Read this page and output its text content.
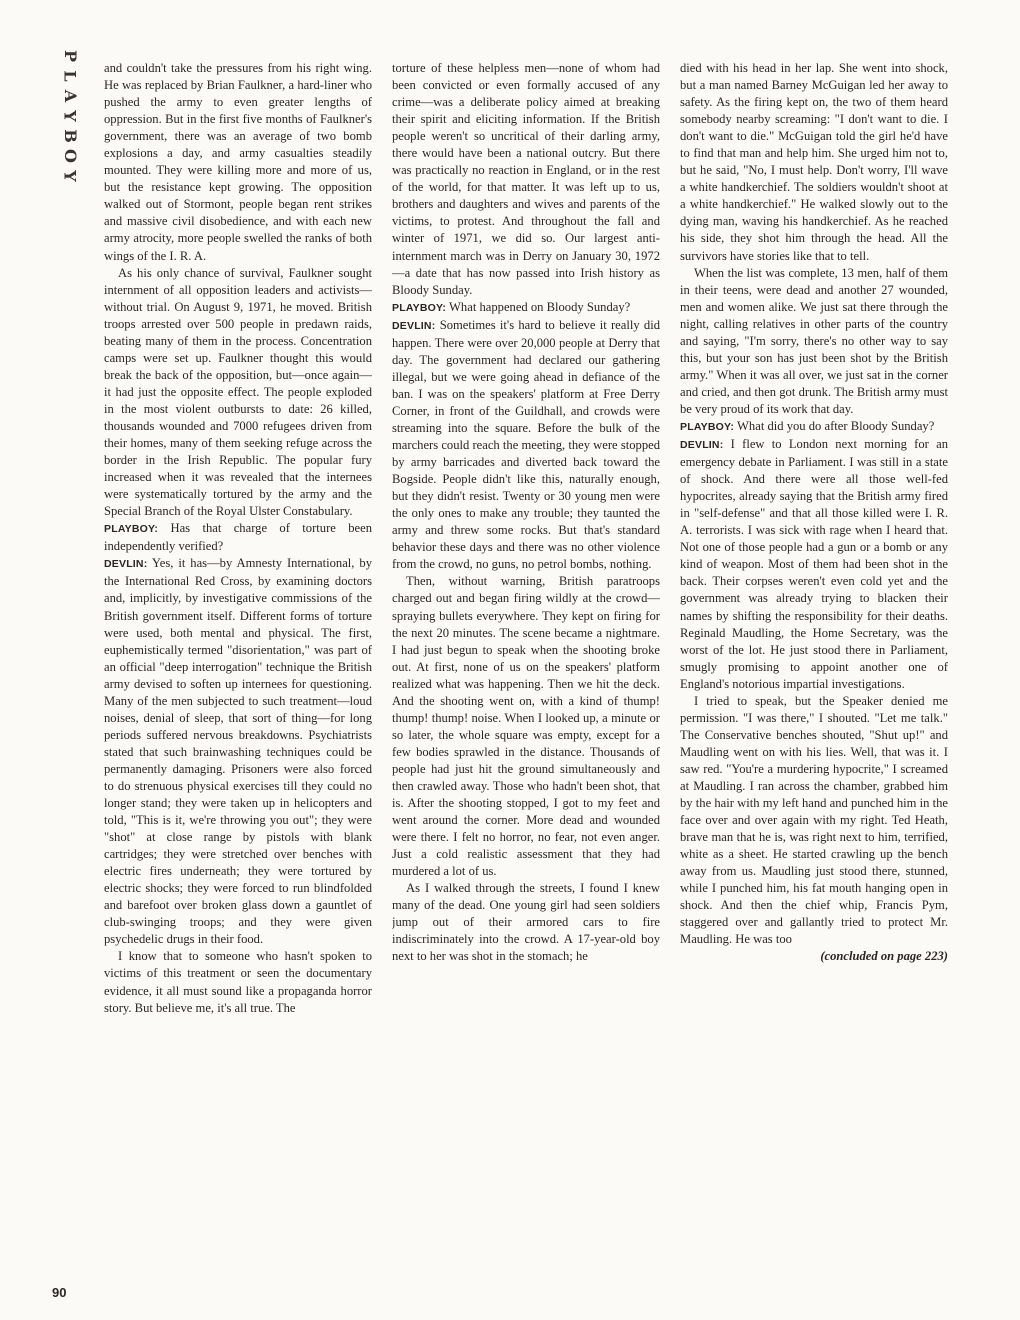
P
L
A
Y
B
O
Y
90

and couldn't take the pressures from his right wing. He was replaced by Brian Faulkner, a hard-liner who pushed the army to even greater lengths of oppression. But in the first five months of Faulkner's government, there was an average of two bomb explosions a day, and army casualties steadily mounted. They were killing more and more of us, but the resistance kept growing. The opposition walked out of Stormont, people began rent strikes and massive civil disobedience, and with each new army atrocity, more people swelled the ranks of both wings of the I. R. A.

As his only chance of survival, Faulkner sought internment of all opposition leaders and activists—without trial. On August 9, 1971, he moved. British troops arrested over 500 people in predawn raids, beating many of them in the process. Concentration camps were set up. Faulkner thought this would break the back of the opposition, but—once again—it had just the opposite effect. The people exploded in the most violent outbursts to date: 26 killed, thousands wounded and 7000 refugees driven from their homes, many of them seeking refuge across the border in the Irish Republic. The popular fury increased when it was revealed that the internees were systematically tortured by the army and the Special Branch of the Royal Ulster Constabulary.

PLAYBOY: Has that charge of torture been independently verified?

DEVLIN: Yes, it has—by Amnesty International, by the International Red Cross, by examining doctors and, implicitly, by investigative commissions of the British government itself. Different forms of torture were used, both mental and physical. The first, euphemistically termed "disorientation," was part of an official "deep interrogation" technique the British army devised to soften up internees for questioning. Many of the men subjected to such treatment—loud noises, denial of sleep, that sort of thing—for long periods suffered nervous breakdowns. Psychiatrists stated that such brainwashing techniques could be permanently damaging. Prisoners were also forced to do strenuous physical exercises till they could no longer stand; they were taken up in helicopters and told, "This is it, we're throwing you out"; they were "shot" at close range by pistols with blank cartridges; they were stretched over benches with electric fires underneath; they were tortured by electric shocks; they were forced to run blindfolded and barefoot over broken glass down a gauntlet of club-swinging troops; and they were given psychedelic drugs in their food.

I know that to someone who hasn't spoken to victims of this treatment or seen the documentary evidence, it all must sound like a propaganda horror story. But believe me, it's all true. The

torture of these helpless men—none of whom had been convicted or even formally accused of any crime—was a deliberate policy aimed at breaking their spirit and eliciting information. If the British people weren't so uncritical of their darling army, there would have been a national outcry. But there was practically no reaction in England, or in the rest of the world, for that matter. It was left up to us, brothers and daughters and wives and parents of the victims, to protest. And throughout the fall and winter of 1971, we did so. Our largest anti-internment march was in Derry on January 30, 1972—a date that has now passed into Irish history as Bloody Sunday.

PLAYBOY: What happened on Bloody Sunday?

DEVLIN: Sometimes it's hard to believe it really did happen. There were over 20,000 people at Derry that day. The government had declared our gathering illegal, but we were going ahead in defiance of the ban. I was on the speakers' platform at Free Derry Corner, in front of the Guildhall, and crowds were streaming into the square. Before the bulk of the marchers could reach the meeting, they were stopped by army barricades and diverted back toward the Bogside. People didn't like this, naturally enough, but they didn't resist. Twenty or 30 young men were the only ones to make any trouble; they taunted the army and threw some rocks. But that's standard behavior these days and there was no other violence from the crowd, no guns, no petrol bombs, nothing.

Then, without warning, British paratroops charged out and began firing wildly at the crowd—spraying bullets everywhere. They kept on firing for the next 20 minutes. The scene became a nightmare. I had just begun to speak when the shooting broke out. At first, none of us on the speakers' platform realized what was happening. Then we hit the deck. And the shooting went on, with a kind of thump! thump! thump! noise. When I looked up, a minute or so later, the whole square was empty, except for a few bodies sprawled in the distance. Thousands of people had just hit the ground simultaneously and then crawled away. Those who hadn't been shot, that is. After the shooting stopped, I got to my feet and went around the corner. More dead and wounded were there. I felt no horror, no fear, not even anger. Just a cold realistic assessment that they had murdered a lot of us.

As I walked through the streets, I found I knew many of the dead. One young girl had seen soldiers jump out of their armored cars to fire indiscriminately into the crowd. A 17-year-old boy next to her was shot in the stomach; he

died with his head in her lap. She went into shock, but a man named Barney McGuigan led her away to safety. As the firing kept on, the two of them heard somebody nearby screaming: "I don't want to die. I don't want to die." McGuigan told the girl he'd have to find that man and help him. She urged him not to, but he said, "No, I must help. Don't worry, I'll wave a white handkerchief. The soldiers wouldn't shoot at a white handkerchief." He walked slowly out to the dying man, waving his handkerchief. As he reached his side, they shot him through the head. All the survivors have stories like that to tell.

When the list was complete, 13 men, half of them in their teens, were dead and another 27 wounded, men and women alike. We just sat there through the night, calling relatives in other parts of the country and saying, "I'm sorry, there's no other way to say this, but your son has just been shot by the British army." When it was all over, we just sat in the corner and cried, and then got drunk. The British army must be very proud of its work that day.

PLAYBOY: What did you do after Bloody Sunday?

DEVLIN: I flew to London next morning for an emergency debate in Parliament. I was still in a state of shock. And there were all those well-fed hypocrites, already saying that the British army fired in "self-defense" and that all those killed were I. R. A. terrorists. I was sick with rage when I heard that. Not one of those people had a gun or a bomb or any kind of weapon. Most of them had been shot in the back. Their corpses weren't even cold yet and the government was already trying to blacken their names by shifting the responsibility for their deaths. Reginald Maudling, the Home Secretary, was the worst of the lot. He just stood there in Parliament, smugly promising to appoint another one of England's notorious impartial investigations.

I tried to speak, but the Speaker denied me permission. "I was there," I shouted. "Let me talk." The Conservative benches shouted, "Shut up!" and Maudling went on with his lies. Well, that was it. I saw red. "You're a murdering hypocrite," I screamed at Maudling. I ran across the chamber, grabbed him by the hair with my left hand and punched him in the face over and over again with my right. Ted Heath, brave man that he is, was right next to him, terrified, white as a sheet. He started crawling up the bench away from us. Maudling just stood there, stunned, while I punched him, his fat mouth hanging open in shock. And then the chief whip, Francis Pym, staggered over and gallantly tried to protect Mr. Maudling. He was too

(concluded on page 223)
